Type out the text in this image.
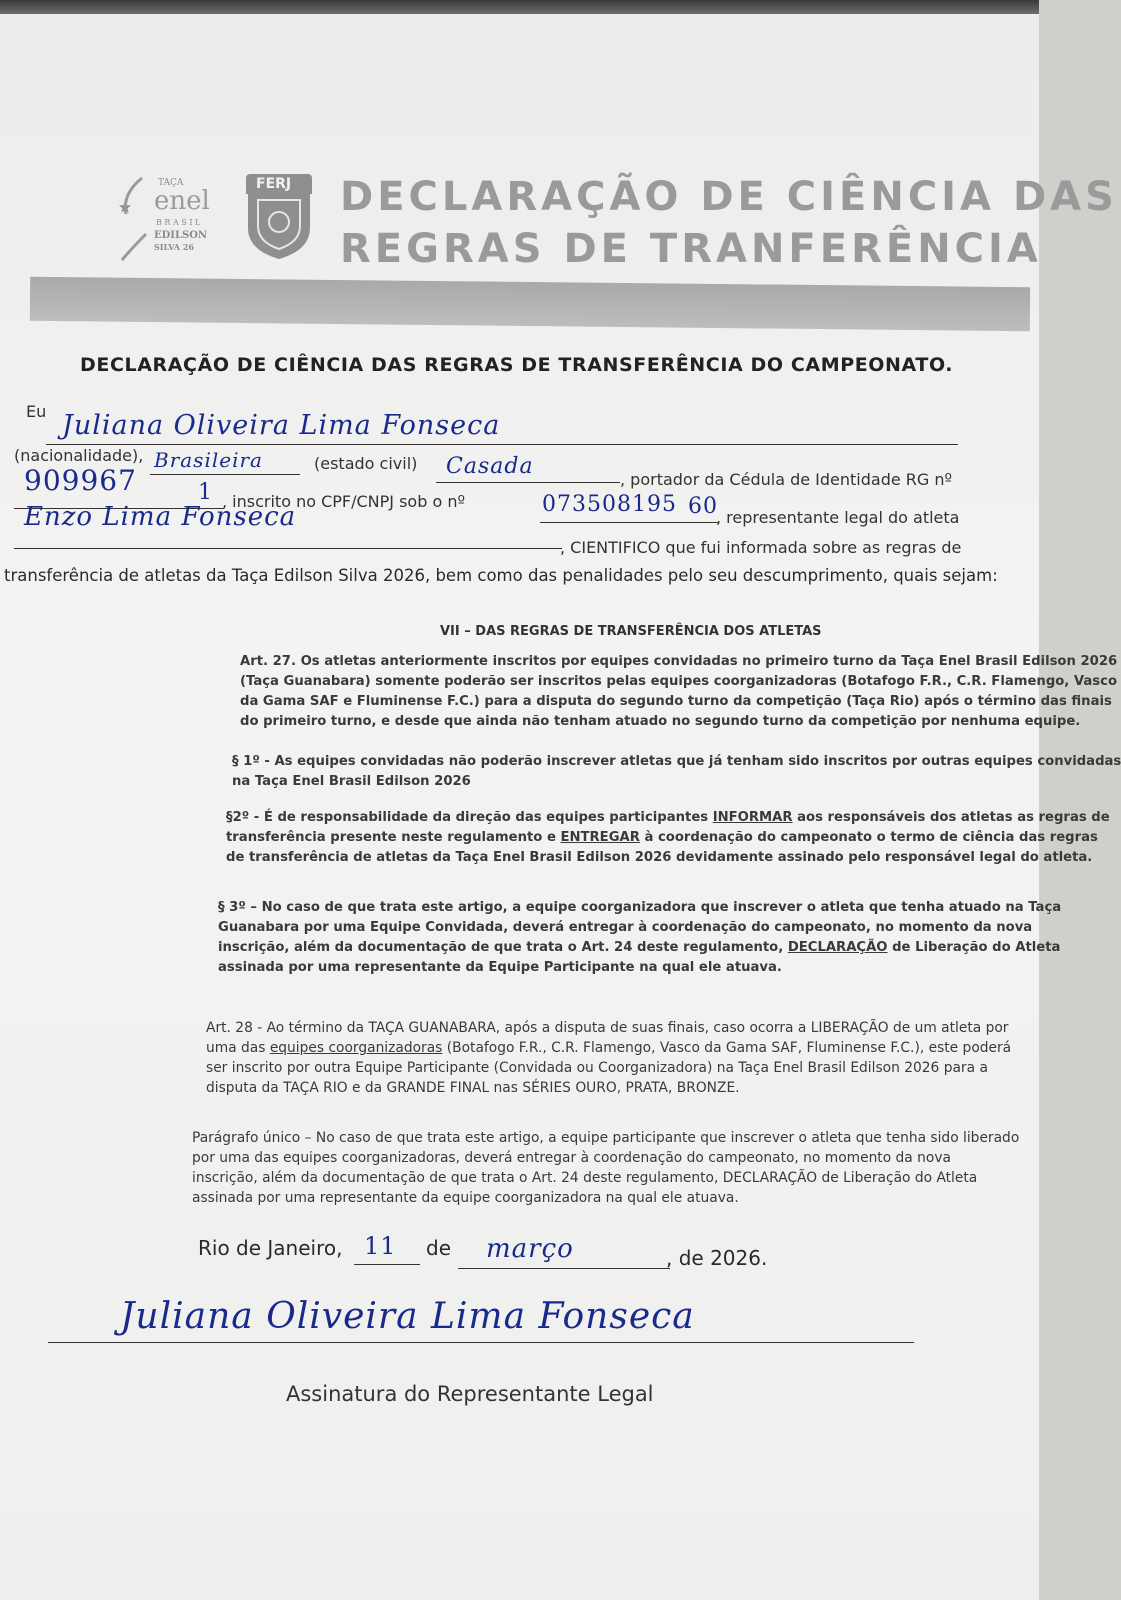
TAÇA
enel
B R A S I L
EDILSON
SILVA 26
FERJ DECLARAÇÃO DE CIÊNCIA DAS
REGRAS DE TRANFERÊNCIA
DECLARAÇÃO DE CIÊNCIA DAS REGRAS DE TRANSFERÊNCIA DO CAMPEONATO.
Eu Juliana Oliveira Lima Fonseca
(nacionalidade), Brasileira	(estado civil) Casada
, portador da Cédula de Identidade RG nº
909967	1 , inscrito no CPF/CNPJ sob o nº	073508195 60
, representante legal do atleta
Enzo Lima Fonseca
, CIENTIFICO que fui informada sobre as regras de
transferência de atletas da Taça Edilson Silva 2026, bem como das penalidades pelo seu descumprimento, quais sejam:
VII – DAS REGRAS DE TRANSFERÊNCIA DOS ATLETAS
Art. 27. Os atletas anteriormente inscritos por equipes convidadas no primeiro turno da Taça Enel Brasil Edilson 2026
(Taça Guanabara) somente poderão ser inscritos pelas equipes coorganizadoras (Botafogo F.R., C.R. Flamengo, Vasco
da Gama SAF e Fluminense F.C.) para a disputa do segundo turno da competição (Taça Rio) após o término das finais
do primeiro turno, e desde que ainda não tenham atuado no segundo turno da competição por nenhuma equipe.
§ 1º - As equipes convidadas não poderão inscrever atletas que já tenham sido inscritos por outras equipes convidadas
na Taça Enel Brasil Edilson 2026
§2º - É de responsabilidade da direção das equipes participantes INFORMAR aos responsáveis dos atletas as regras de
transferência presente neste regulamento e ENTREGAR à coordenação do campeonato o termo de ciência das regras
de transferência de atletas da Taça Enel Brasil Edilson 2026 devidamente assinado pelo responsável legal do atleta.
§ 3º – No caso de que trata este artigo, a equipe coorganizadora que inscrever o atleta que tenha atuado na Taça
Guanabara por uma Equipe Convidada, deverá entregar à coordenação do campeonato, no momento da nova
inscrição, além da documentação de que trata o Art. 24 deste regulamento, DECLARAÇÃO de Liberação do Atleta
assinada por uma representante da Equipe Participante na qual ele atuava.
Art. 28 - Ao término da TAÇA GUANABARA, após a disputa de suas finais, caso ocorra a LIBERAÇÃO de um atleta por
uma das equipes coorganizadoras (Botafogo F.R., C.R. Flamengo, Vasco da Gama SAF, Fluminense F.C.), este poderá
ser inscrito por outra Equipe Participante (Convidada ou Coorganizadora) na Taça Enel Brasil Edilson 2026 para a
disputa da TAÇA RIO e da GRANDE FINAL nas SÉRIES OURO, PRATA, BRONZE.
Parágrafo único – No caso de que trata este artigo, a equipe participante que inscrever o atleta que tenha sido liberado
por uma das equipes coorganizadoras, deverá entregar à coordenação do campeonato, no momento da nova
inscrição, além da documentação de que trata o Art. 24 deste regulamento, DECLARAÇÃO de Liberação do Atleta
assinada por uma representante da equipe coorganizadora na qual ele atuava.
Rio de Janeiro, 11 de março	, de 2026.
Juliana Oliveira Lima Fonseca
Assinatura do Representante Legal
